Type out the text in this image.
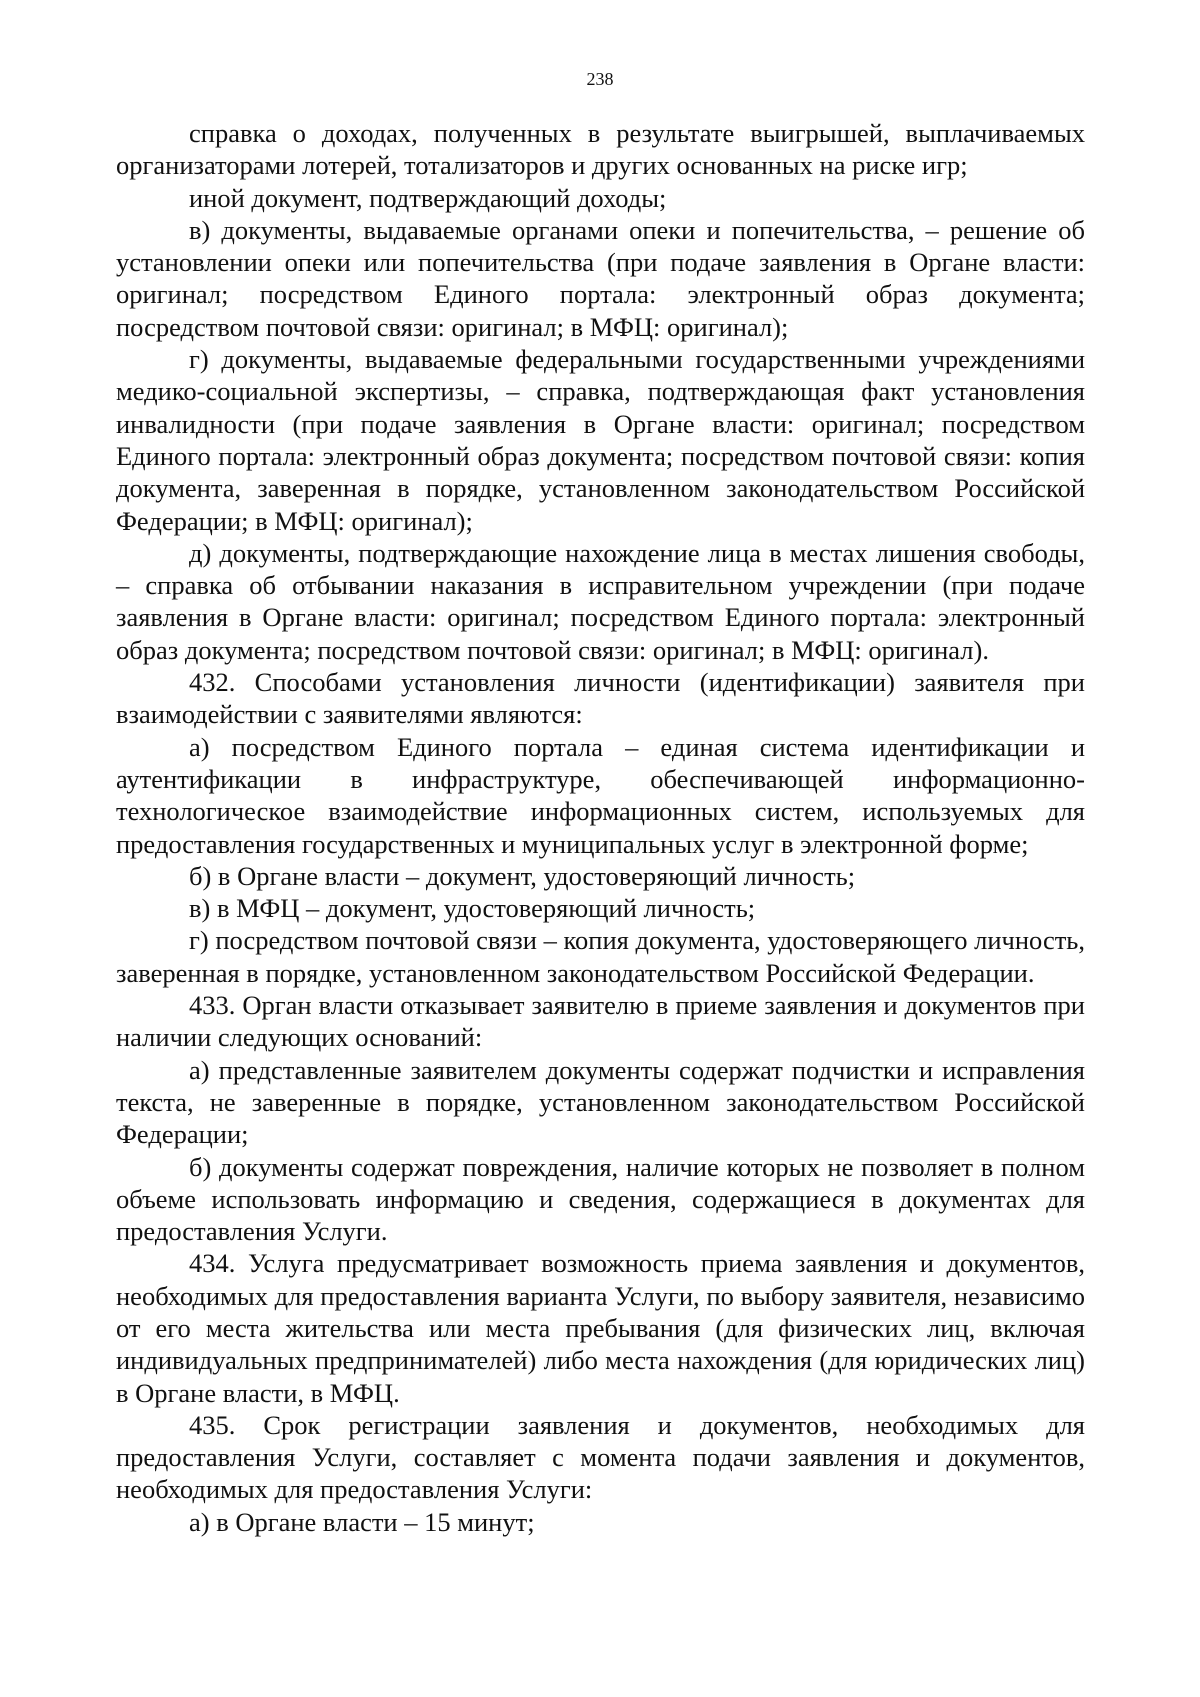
238

справка о доходах, полученных в результате выигрышей, выплачиваемых организаторами лотерей, тотализаторов и других основанных на риске игр;

иной документ, подтверждающий доходы;

в) документы, выдаваемые органами опеки и попечительства, – решение об установлении опеки или попечительства (при подаче заявления в Органе власти: оригинал; посредством Единого портала: электронный образ документа; посредством почтовой связи: оригинал; в МФЦ: оригинал);

г) документы, выдаваемые федеральными государственными учреждениями медико-социальной экспертизы, – справка, подтверждающая факт установления инвалидности (при подаче заявления в Органе власти: оригинал; посредством Единого портала: электронный образ документа; посредством почтовой связи: копия документа, заверенная в порядке, установленном законодательством Российской Федерации; в МФЦ: оригинал);

д) документы, подтверждающие нахождение лица в местах лишения свободы, – справка об отбывании наказания в исправительном учреждении (при подаче заявления в Органе власти: оригинал; посредством Единого портала: электронный образ документа; посредством почтовой связи: оригинал; в МФЦ: оригинал).

432. Способами установления личности (идентификации) заявителя при взаимодействии с заявителями являются:

а) посредством Единого портала – единая система идентификации и аутентификации в инфраструктуре, обеспечивающей информационно-технологическое взаимодействие информационных систем, используемых для предоставления государственных и муниципальных услуг в электронной форме;

б) в Органе власти – документ, удостоверяющий личность;

в) в МФЦ – документ, удостоверяющий личность;

г) посредством почтовой связи – копия документа, удостоверяющего личность, заверенная в порядке, установленном законодательством Российской Федерации.

433. Орган власти отказывает заявителю в приеме заявления и документов при наличии следующих оснований:

а) представленные заявителем документы содержат подчистки и исправления текста, не заверенные в порядке, установленном законодательством Российской Федерации;

б) документы содержат повреждения, наличие которых не позволяет в полном объеме использовать информацию и сведения, содержащиеся в документах для предоставления Услуги.

434. Услуга предусматривает возможность приема заявления и документов, необходимых для предоставления варианта Услуги, по выбору заявителя, независимо от его места жительства или места пребывания (для физических лиц, включая индивидуальных предпринимателей) либо места нахождения (для юридических лиц) в Органе власти, в МФЦ.

435. Срок регистрации заявления и документов, необходимых для предоставления Услуги, составляет с момента подачи заявления и документов, необходимых для предоставления Услуги:

а) в Органе власти – 15 минут;
